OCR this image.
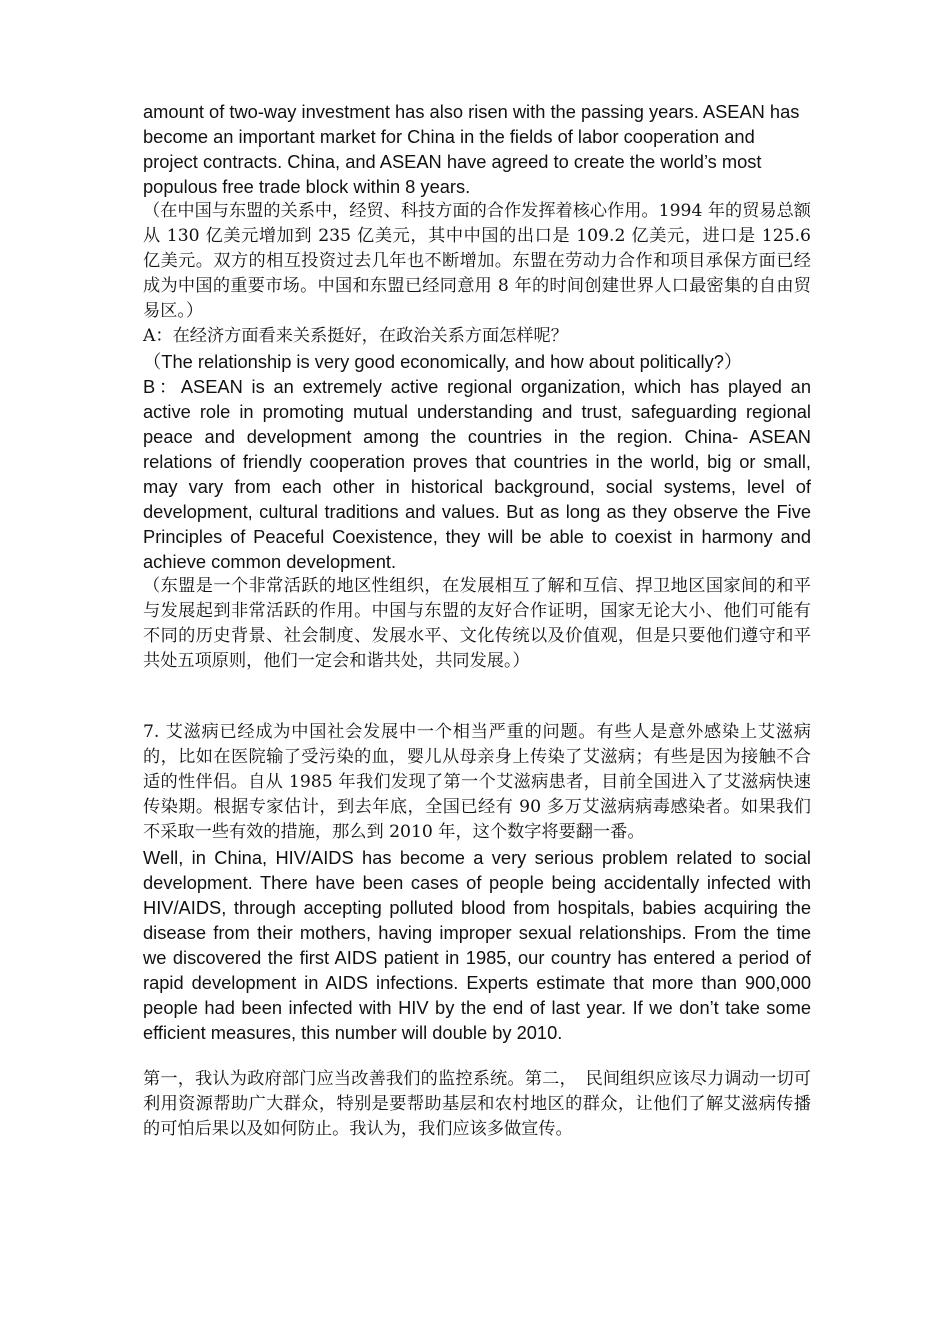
amount of two-way investment has also risen with the passing years. ASEAN has become an important market for China in the fields of labor cooperation and project contracts. China, and ASEAN have agreed to create the world’s most populous free trade block within 8 years.

（在中国与东盟的关系中，经贸、科技方面的合作发挥着核心作用。1994 年的贸易总额从 130 亿美元增加到 235 亿美元，其中中国的出口是 109.2 亿美元，进口是 125.6 亿美元。双方的相互投资过去几年也不断增加。东盟在劳动力合作和项目承保方面已经成为中国的重要市场。中国和东盟已经同意用 8 年的时间创建世界人口最密集的自由贸易区。）

A：在经济方面看来关系挺好，在政治关系方面怎样呢？

（The relationship is very good economically, and how about politically?）

B：ASEAN is an extremely active regional organization, which has played an active role in promoting mutual understanding and trust, safeguarding regional peace and development among the countries in the region. China- ASEAN relations of friendly cooperation proves that countries in the world, big or small, may vary from each other in historical background, social systems, level of development, cultural traditions and values. But as long as they observe the Five Principles of Peaceful Coexistence, they will be able to coexist in harmony and achieve common development.

（东盟是一个非常活跃的地区性组织，在发展相互了解和互信、捍卫地区国家间的和平与发展起到非常活跃的作用。中国与东盟的友好合作证明，国家无论大小、他们可能有不同的历史背景、社会制度、发展水平、文化传统以及价值观，但是只要他们遵守和平共处五项原则，他们一定会和谐共处，共同发展。）

7. 艾滋病已经成为中国社会发展中一个相当严重的问题。有些人是意外感染上艾滋病的，比如在医院输了受污染的血，婴儿从母亲身上传染了艾滋病；有些是因为接触不合适的性伴侣。自从 1985 年我们发现了第一个艾滋病患者，目前全国进入了艾滋病快速传染期。根据专家估计，到去年底，全国已经有 90 多万艾滋病病毒感染者。如果我们不采取一些有效的措施，那么到 2010 年，这个数字将要翻一番。

Well, in China, HIV/AIDS has become a very serious problem related to social development. There have been cases of people being accidentally infected with HIV/AIDS, through accepting polluted blood from hospitals, babies acquiring the disease from their mothers, having improper sexual relationships. From the time we discovered the first AIDS patient in 1985, our country has entered a period of rapid development in AIDS infections. Experts estimate that more than 900,000 people had been infected with HIV by the end of last year. If we don’t take some efficient measures, this number will double by 2010.

第一，我认为政府部门应当改善我们的监控系统。第二，　民间组织应该尽力调动一切可利用资源帮助广大群众，特别是要帮助基层和农村地区的群众，让他们了解艾滋病传播的可怕后果以及如何防止。我认为，我们应该多做宣传。
